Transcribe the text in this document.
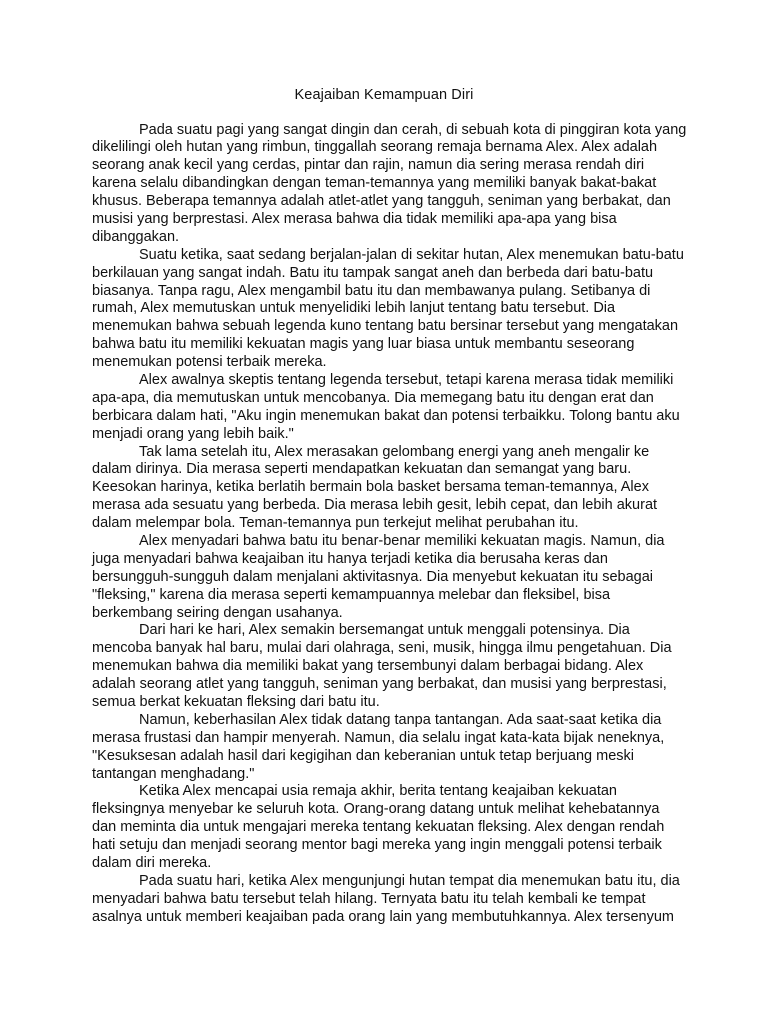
Keajaiban Kemampuan Diri
Pada suatu pagi yang sangat dingin dan cerah, di sebuah kota di pinggiran kota yang
dikelilingi oleh hutan yang rimbun, tinggallah seorang remaja bernama Alex. Alex adalah
seorang anak kecil yang cerdas, pintar dan rajin, namun dia sering merasa rendah diri
karena selalu dibandingkan dengan teman-temannya yang memiliki banyak bakat-bakat
khusus. Beberapa temannya adalah atlet-atlet yang tangguh, seniman yang berbakat, dan
musisi yang berprestasi. Alex merasa bahwa dia tidak memiliki apa-apa yang bisa
dibanggakan.
Suatu ketika, saat sedang berjalan-jalan di sekitar hutan, Alex menemukan batu-batu
berkilauan yang sangat indah. Batu itu tampak sangat aneh dan berbeda dari batu-batu
biasanya. Tanpa ragu, Alex mengambil batu itu dan membawanya pulang. Setibanya di
rumah, Alex memutuskan untuk menyelidiki lebih lanjut tentang batu tersebut. Dia
menemukan bahwa sebuah legenda kuno tentang batu bersinar tersebut yang mengatakan
bahwa batu itu memiliki kekuatan magis yang luar biasa untuk membantu seseorang
menemukan potensi terbaik mereka.
Alex awalnya skeptis tentang legenda tersebut, tetapi karena merasa tidak memiliki
apa-apa, dia memutuskan untuk mencobanya. Dia memegang batu itu dengan erat dan
berbicara dalam hati, "Aku ingin menemukan bakat dan potensi terbaikku. Tolong bantu aku
menjadi orang yang lebih baik."
Tak lama setelah itu, Alex merasakan gelombang energi yang aneh mengalir ke
dalam dirinya. Dia merasa seperti mendapatkan kekuatan dan semangat yang baru.
Keesokan harinya, ketika berlatih bermain bola basket bersama teman-temannya, Alex
merasa ada sesuatu yang berbeda. Dia merasa lebih gesit, lebih cepat, dan lebih akurat
dalam melempar bola. Teman-temannya pun terkejut melihat perubahan itu.
Alex menyadari bahwa batu itu benar-benar memiliki kekuatan magis. Namun, dia
juga menyadari bahwa keajaiban itu hanya terjadi ketika dia berusaha keras dan
bersungguh-sungguh dalam menjalani aktivitasnya. Dia menyebut kekuatan itu sebagai
"fleksing," karena dia merasa seperti kemampuannya melebar dan fleksibel, bisa
berkembang seiring dengan usahanya.
Dari hari ke hari, Alex semakin bersemangat untuk menggali potensinya. Dia
mencoba banyak hal baru, mulai dari olahraga, seni, musik, hingga ilmu pengetahuan. Dia
menemukan bahwa dia memiliki bakat yang tersembunyi dalam berbagai bidang. Alex
adalah seorang atlet yang tangguh, seniman yang berbakat, dan musisi yang berprestasi,
semua berkat kekuatan fleksing dari batu itu.
Namun, keberhasilan Alex tidak datang tanpa tantangan. Ada saat-saat ketika dia
merasa frustasi dan hampir menyerah. Namun, dia selalu ingat kata-kata bijak neneknya,
"Kesuksesan adalah hasil dari kegigihan dan keberanian untuk tetap berjuang meski
tantangan menghadang."
Ketika Alex mencapai usia remaja akhir, berita tentang keajaiban kekuatan
fleksingnya menyebar ke seluruh kota. Orang-orang datang untuk melihat kehebatannya
dan meminta dia untuk mengajari mereka tentang kekuatan fleksing. Alex dengan rendah
hati setuju dan menjadi seorang mentor bagi mereka yang ingin menggali potensi terbaik
dalam diri mereka.
Pada suatu hari, ketika Alex mengunjungi hutan tempat dia menemukan batu itu, dia
menyadari bahwa batu tersebut telah hilang. Ternyata batu itu telah kembali ke tempat
asalnya untuk memberi keajaiban pada orang lain yang membutuhkannya. Alex tersenyum
